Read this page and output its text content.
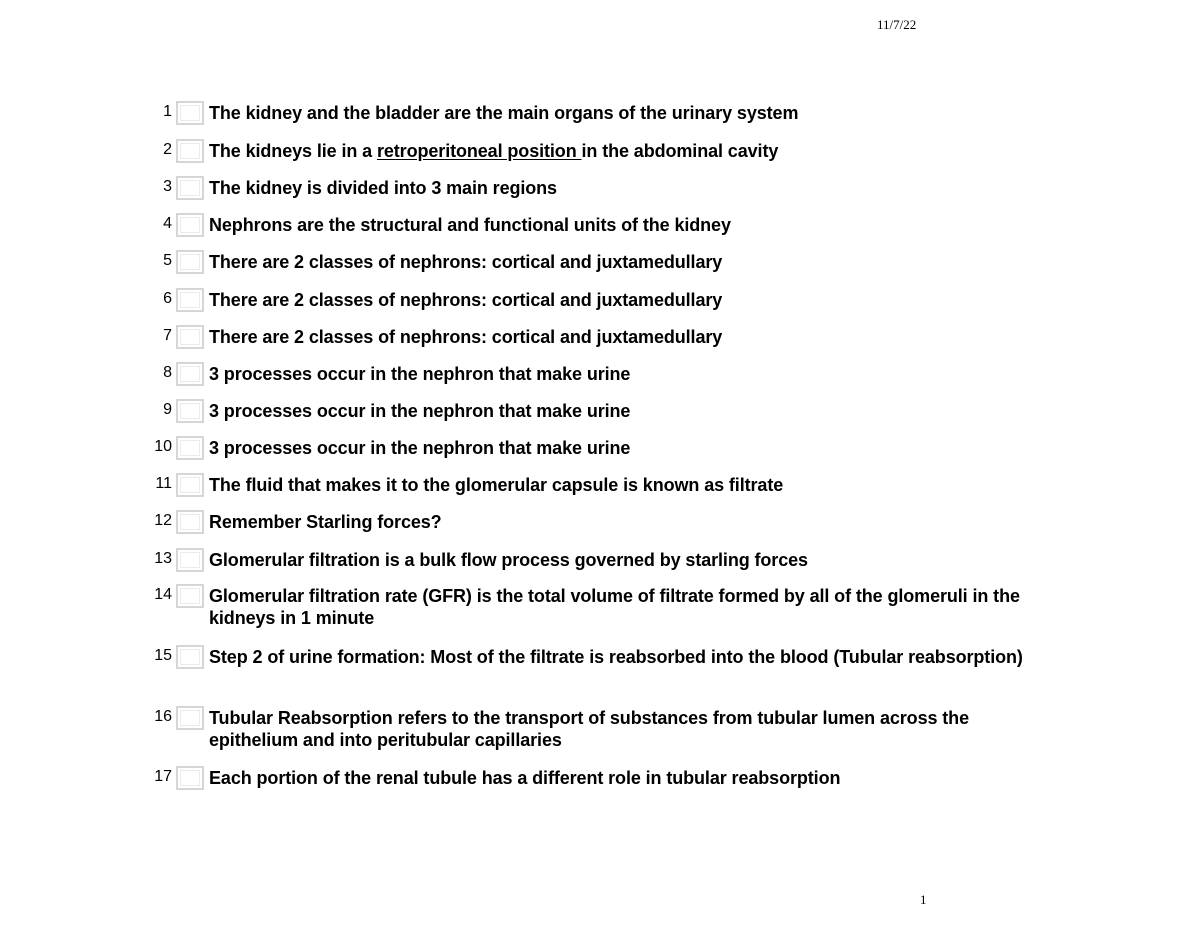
11/7/22
1 The kidney and the bladder are the main organs of the urinary system
2 The kidneys lie in a retroperitoneal position in the abdominal cavity
3 The kidney is divided into 3 main regions
4 Nephrons are the structural and functional units of the kidney
5 There are 2 classes of nephrons: cortical and juxtamedullary
6 There are 2 classes of nephrons: cortical and juxtamedullary
7 There are 2 classes of nephrons: cortical and juxtamedullary
8 3 processes occur in the nephron that make urine
9 3 processes occur in the nephron that make urine
10 3 processes occur in the nephron that make urine
11 The fluid that makes it to the glomerular capsule is known as filtrate
12 Remember Starling forces?
13 Glomerular filtration is a bulk flow process governed by starling forces
14 Glomerular filtration rate (GFR) is the total volume of filtrate formed by all of the glomeruli in the kidneys in 1 minute
15 Step 2 of urine formation: Most of the filtrate is reabsorbed into the blood (Tubular reabsorption)
16 Tubular Reabsorption refers to the transport of substances from tubular lumen across the epithelium and into peritubular capillaries
17 Each portion of the renal tubule has a different role in tubular reabsorption
1
